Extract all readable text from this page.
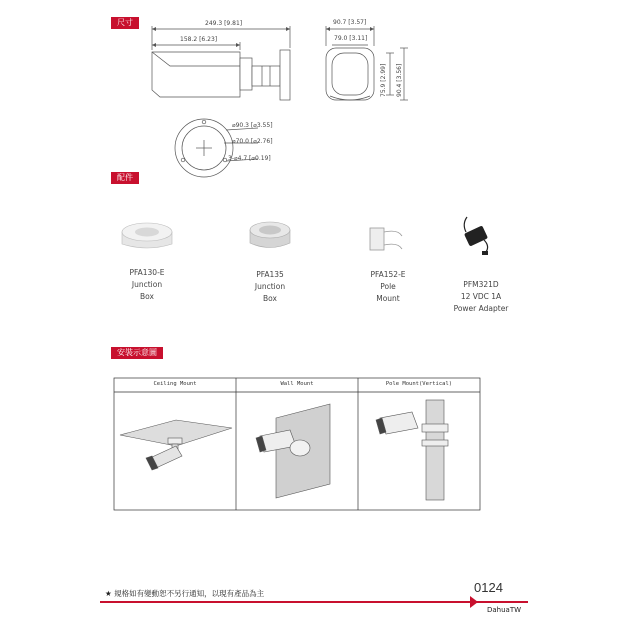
尺寸
配件
安裝示意圖
249.3 [9.81]
158.2 [6.23]
90.7 [3.57]
79.0 [3.11]
75.9 [2.99] 90.4 [3.56]
⌀90.3 [⌀3.55]
⌀70.0 [⌀2.76]
3-⌀4.7 [⌀0.19]
PFA130-E
Junction
Box
PFA135
Junction
Box
PFA152-E
Pole
Mount
PFM321D
12 VDC 1A
Power Adapter
Ceiling Mount	Wall Mount	Pole Mount(Vertical)
★ 規格如有變動恕不另行通知，以現有產品為主	0124
DahuaTW
